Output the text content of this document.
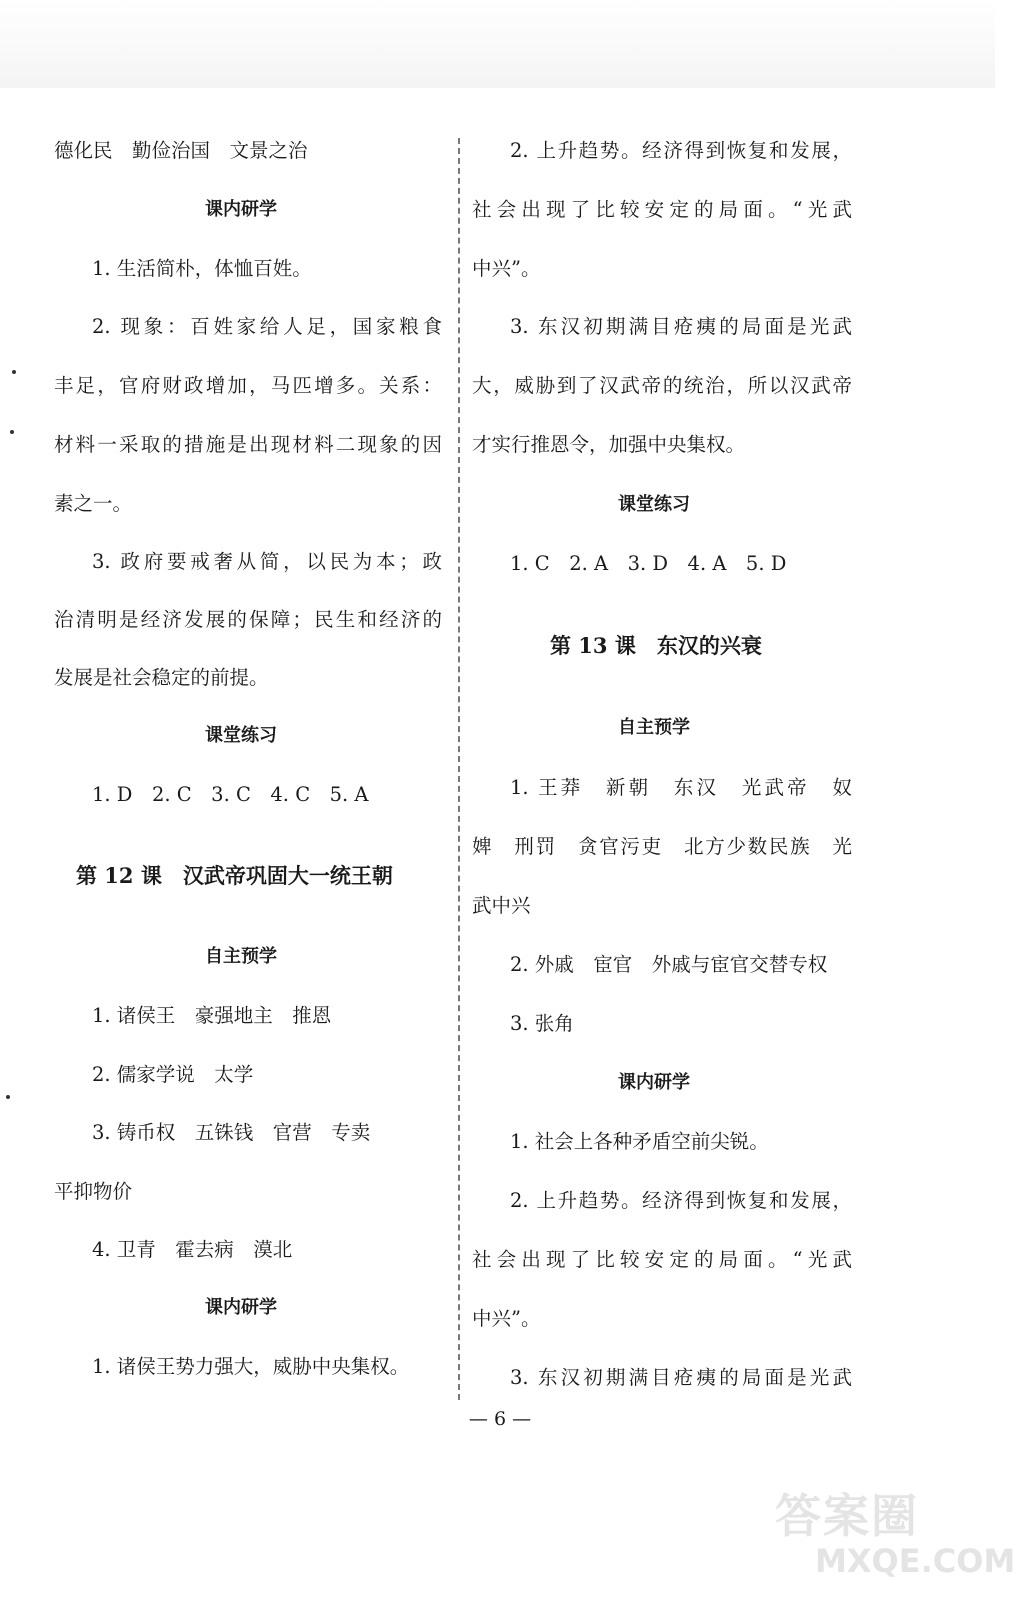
德化民　勤俭治国　文景之治
课内研学
1. 生活简朴，体恤百姓。
2. 现象：百姓家给人足，国家粮食
丰足，官府财政增加，马匹增多。关系：
材料一采取的措施是出现材料二现象的因
素之一。
3. 政府要戒奢从简，以民为本；政
治清明是经济发展的保障；民生和经济的
发展是社会稳定的前提。
课堂练习
1. D　2. C　3. C　4. C　5. A
第 12 课　汉武帝巩固大一统王朝
自主预学
1. 诸侯王　豪强地主　推恩
2. 儒家学说　太学
3. 铸币权　五铢钱　官营　专卖
平抑物价
4. 卫青　霍去病　漠北
课内研学
1. 诸侯王势力强大，威胁中央集权。
2. 上升趋势。经济得到恢复和发展，
社会出现了比较安定的局面。“光武
中兴”。
3. 东汉初期满目疮痍的局面是光武
大，威胁到了汉武帝的统治，所以汉武帝
才实行推恩令，加强中央集权。
课堂练习
1. C　2. A　3. D　4. A　5. D
第 13 课　东汉的兴衰
自主预学
1. 王莽　新朝　东汉　光武帝　奴
婢　刑罚　贪官污吏　北方少数民族　光
武中兴
2. 外戚　宦官　外戚与宦官交替专权
3. 张角
课内研学
1. 社会上各种矛盾空前尖锐。
2. 上升趋势。经济得到恢复和发展，
社会出现了比较安定的局面。“光武
中兴”。
3. 东汉初期满目疮痍的局面是光武
— 6 —
答案圈
MXQE.COM
